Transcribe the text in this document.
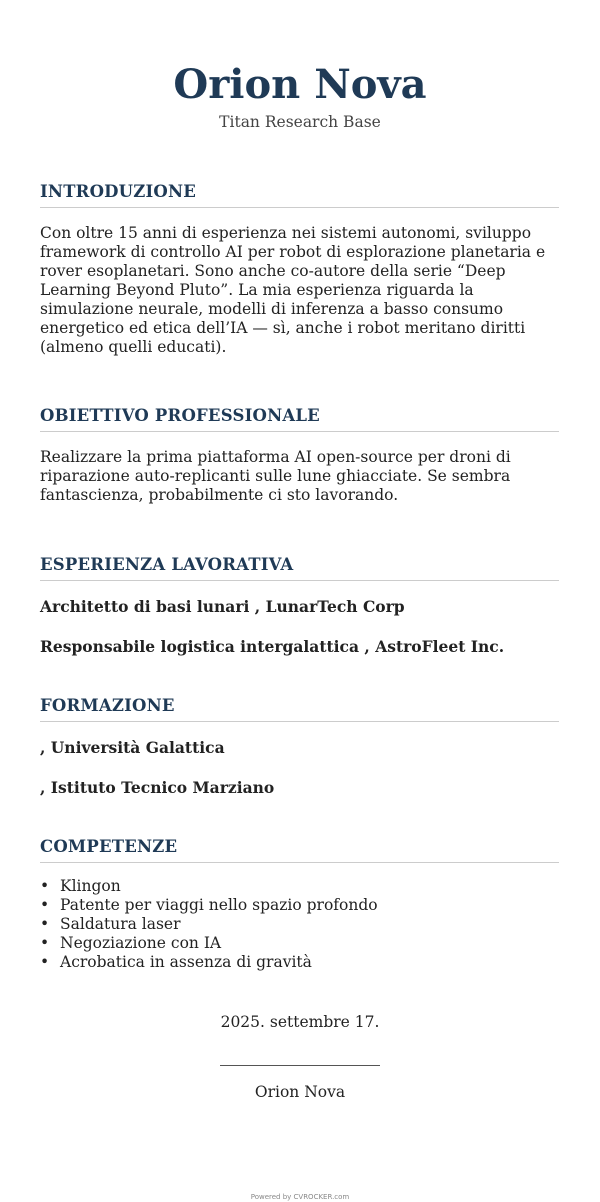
Orion Nova
Titan Research Base
INTRODUZIONE

Con oltre 15 anni di esperienza nei sistemi autonomi, sviluppo framework di controllo AI per robot di esplorazione planetaria e rover esoplanetari. Sono anche co-autore della serie “Deep Learning Beyond Pluto”. La mia esperienza riguarda la simulazione neurale, modelli di inferenza a basso consumo energetico ed etica dell’IA — sì, anche i robot meritano diritti (almeno quelli educati).

OBIETTIVO PROFESSIONALE

Realizzare la prima piattaforma AI open-source per droni di riparazione auto-replicanti sulle lune ghiacciate. Se sembra fantascienza, probabilmente ci sto lavorando.

ESPERIENZA LAVORATIVA

Architetto di basi lunari , LunarTech Corp

Responsabile logistica intergalattica , AstroFleet Inc.

FORMAZIONE

, Università Galattica

, Istituto Tecnico Marziano

COMPETENZE
• Klingon
• Patente per viaggi nello spazio profondo
• Saldatura laser
• Negoziazione con IA
• Acrobatica in assenza di gravità
2025. settembre 17.
Orion Nova
Powered by CVROCKER.com
